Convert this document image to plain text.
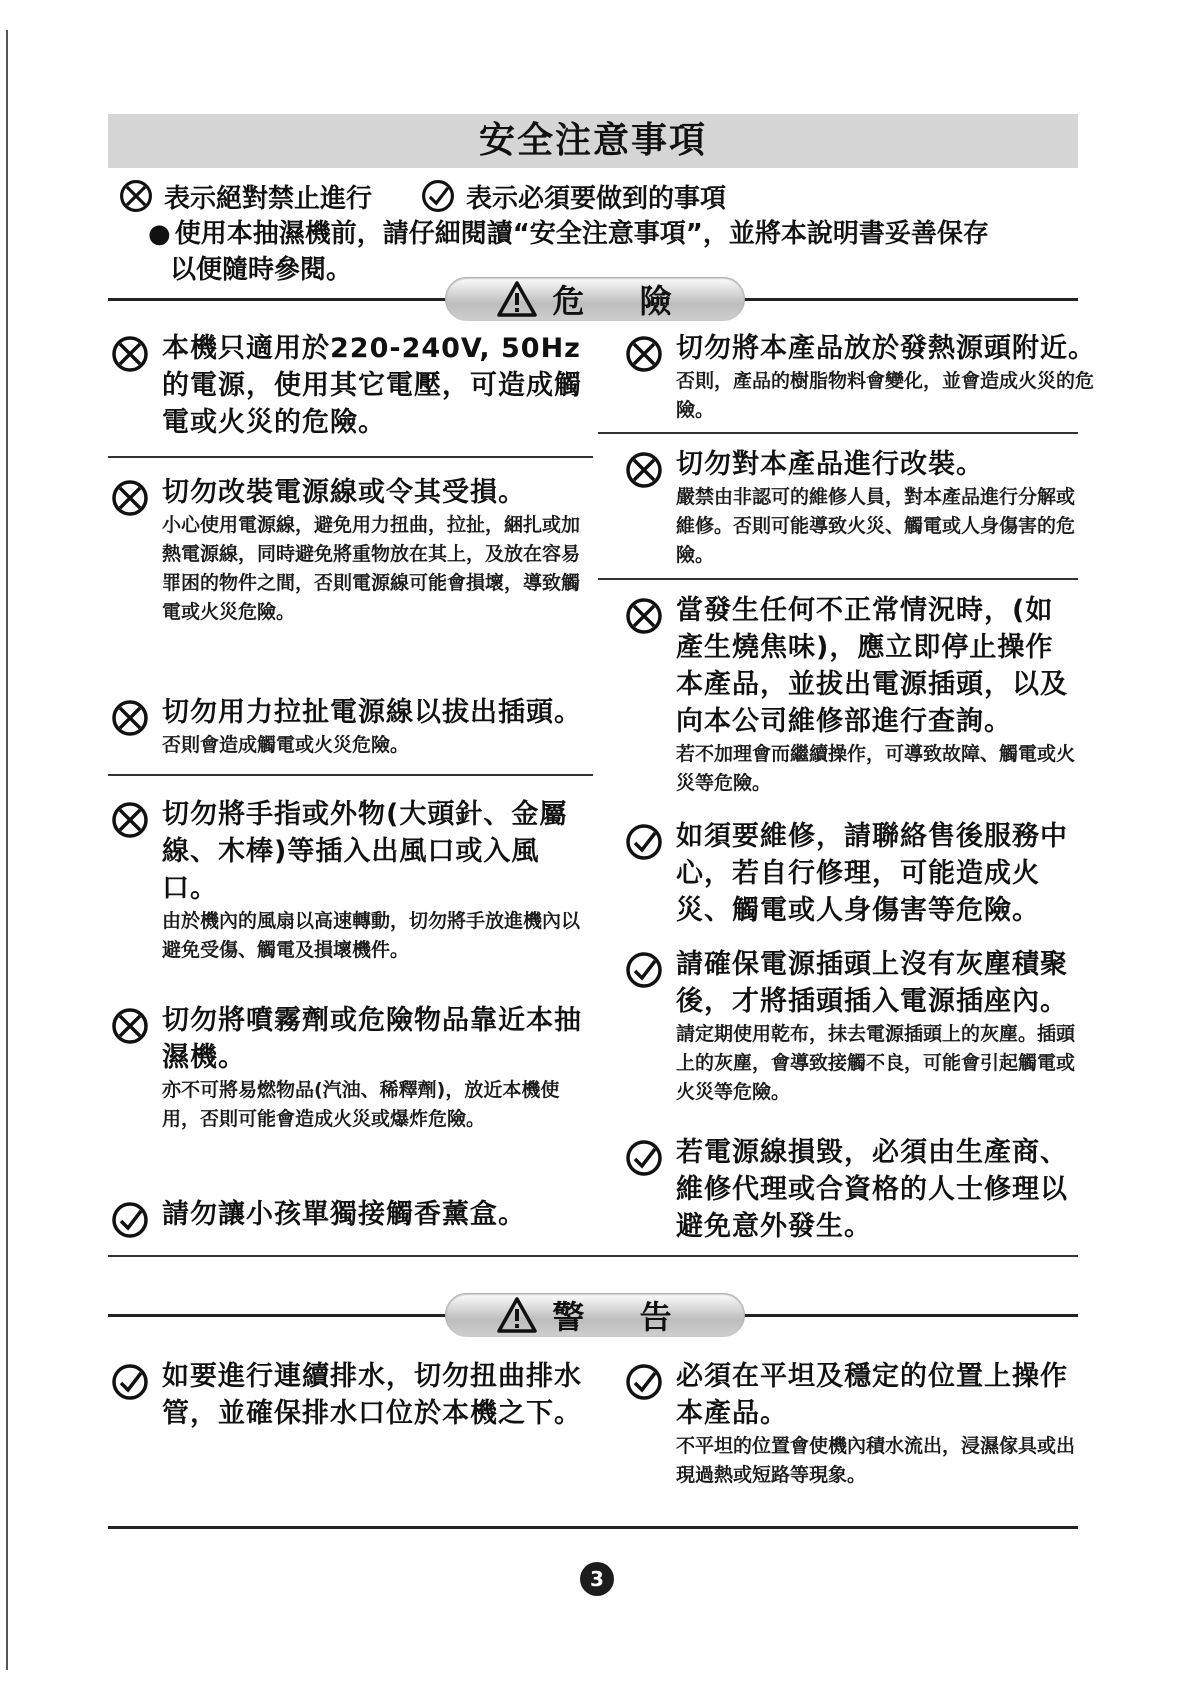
安全注意事項
表示絕對禁止進行	表示必須要做到的事項
● 使用本抽濕機前，請仔細閱讀“安全注意事項”，並將本說明書妥善保存
以便隨時參閱。
危 險
本機只適用於220-240V, 50Hz的電源，使用其它電壓，可造成觸電或火災的危險。
切勿改裝電源線或令其受損。
小心使用電源線，避免用力扭曲，拉扯，綑扎或加熱電源線，同時避免將重物放在其上，及放在容易罪困的物件之間，否則電源線可能會損壞，導致觸電或火災危險。
切勿用力拉扯電源線以拔出插頭。
否則會造成觸電或火災危險。
切勿將手指或外物(大頭針、金屬線、木棒)等插入出風口或入風口。
由於機內的風扇以高速轉動，切勿將手放進機內以避免受傷、觸電及損壞機件。
切勿將噴霧劑或危險物品靠近本抽濕機。
亦不可將易燃物品(汽油、稀釋劑)，放近本機使用，否則可能會造成火災或爆炸危險。
請勿讓小孩單獨接觸香薰盒。
切勿將本產品放於發熱源頭附近。
否則，產品的樹脂物料會變化，並會造成火災的危險。
切勿對本產品進行改裝。
嚴禁由非認可的維修人員，對本產品進行分解或維修。否則可能導致火災、觸電或人身傷害的危險。
當發生任何不正常情況時，(如產生燒焦味)，應立即停止操作本產品，並拔出電源插頭，以及向本公司維修部進行查詢。
若不加理會而繼續操作，可導致故障、觸電或火災等危險。
如須要維修，請聯絡售後服務中心，若自行修理，可能造成火災、觸電或人身傷害等危險。
請確保電源插頭上沒有灰塵積聚後，才將插頭插入電源插座內。
請定期使用乾布，抹去電源插頭上的灰塵。插頭上的灰塵，會導致接觸不良，可能會引起觸電或火災等危險。
若電源線損毀，必須由生產商、維修代理或合資格的人士修理以避免意外發生。
警 告
如要進行連續排水，切勿扭曲排水管，並確保排水口位於本機之下。
必須在平坦及穩定的位置上操作本產品。
不平坦的位置會使機內積水流出，浸濕傢具或出現過熱或短路等現象。
3
